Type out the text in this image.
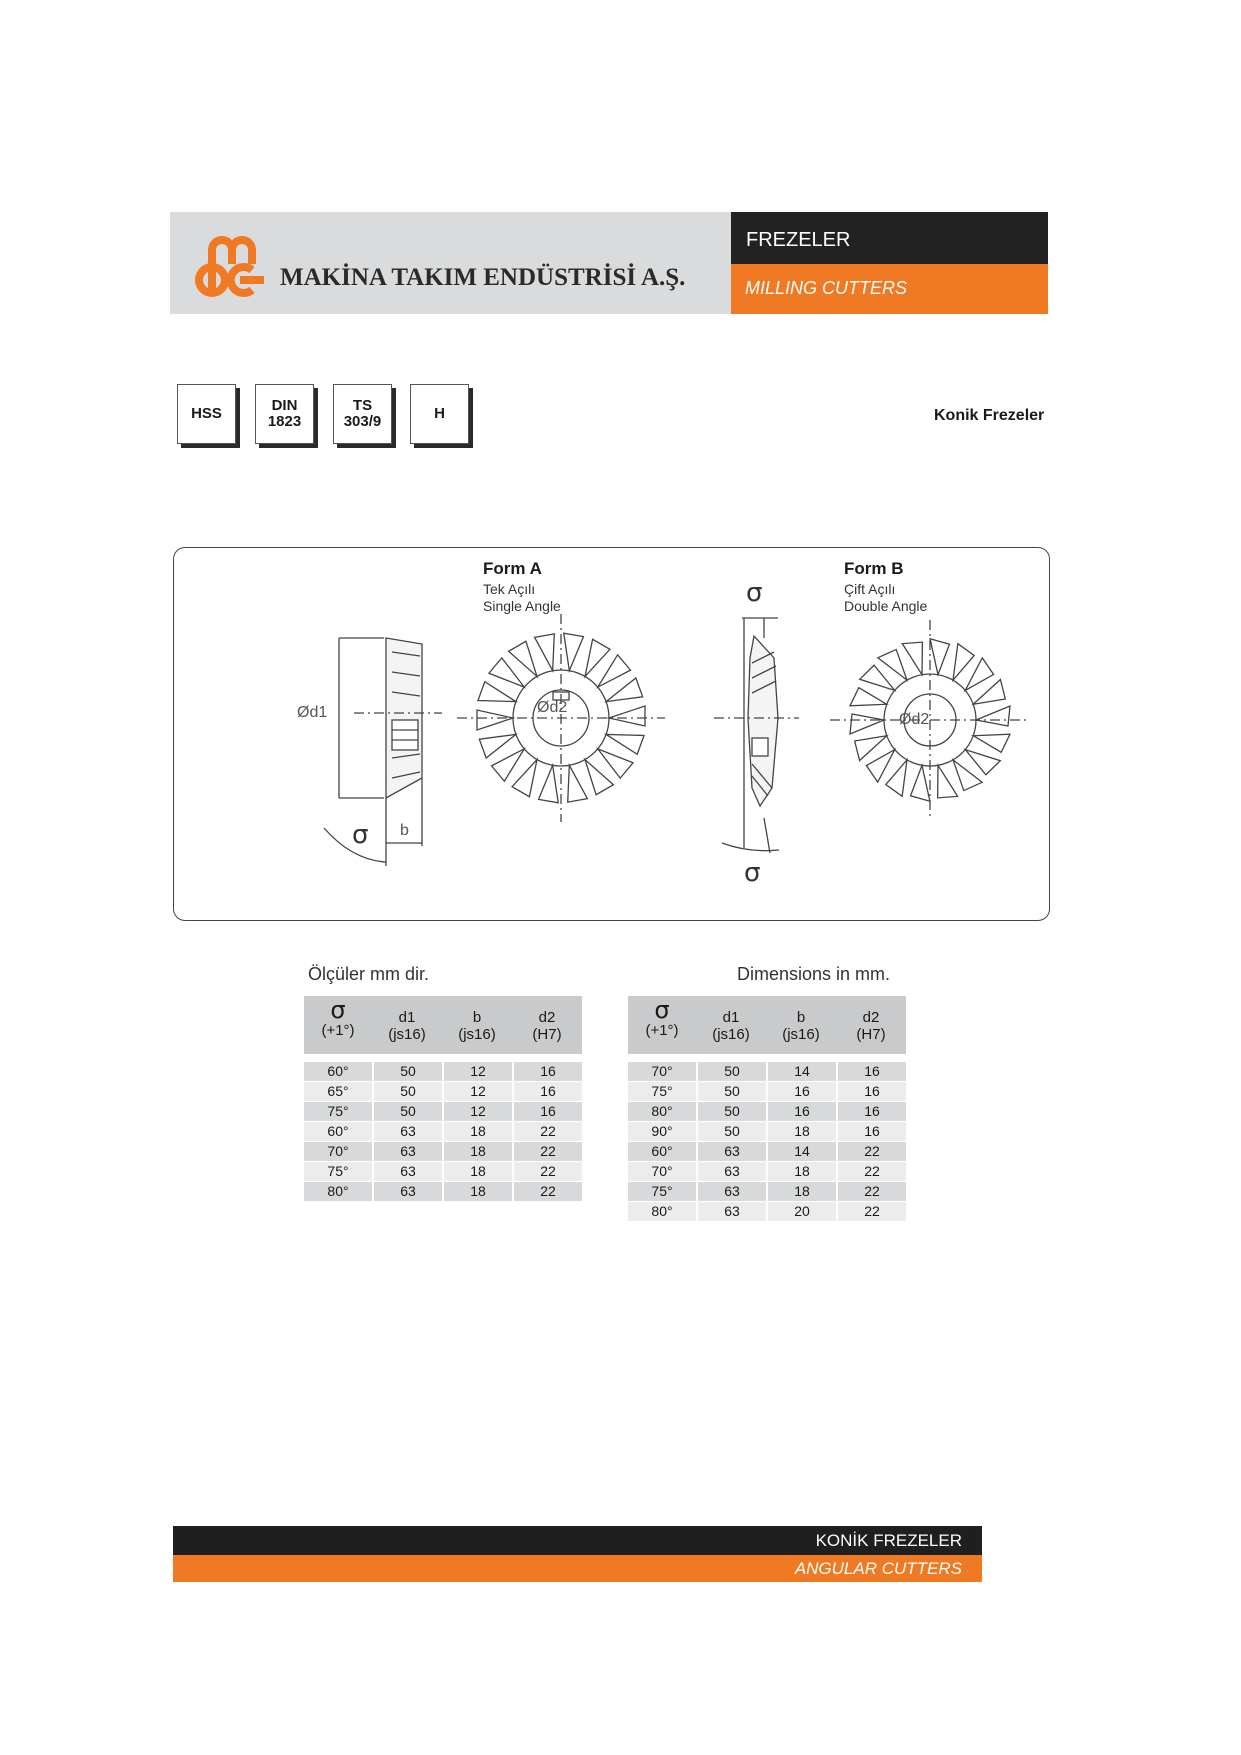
MAKİNA TAKIM ENDÜSTRİSİ A.Ş.
FREZELER
MILLING CUTTERS
HSS	DIN
1823
TS
303/9	H	Konik Frezeler
Form A
Tek Açılı
Single Angle
Form B
Çift Açılı
Double Angle
Ød1	Ød2
Ød2
b
σ
σ
σ
Ölçüler mm dir.	Dimensions in mm.
σ
(+1°)
d1
(js16)
b
(js16)
d2
(H7)
60°	50	12	16
65°	50	12	16
75°	50	12	16
60°	63	18	22
70°	63	18	22
75°	63	18	22
80°	63	18	22
σ
(+1°)
d1
(js16)
b
(js16)
d2
(H7)
70°	50	14	16
75°	50	16	16
80°	50	16	16
90°	50	18	16
60°	63	14	22
70°	63	18	22
75°	63	18	22
80°	63	20	22
KONİK FREZELER
ANGULAR CUTTERS
